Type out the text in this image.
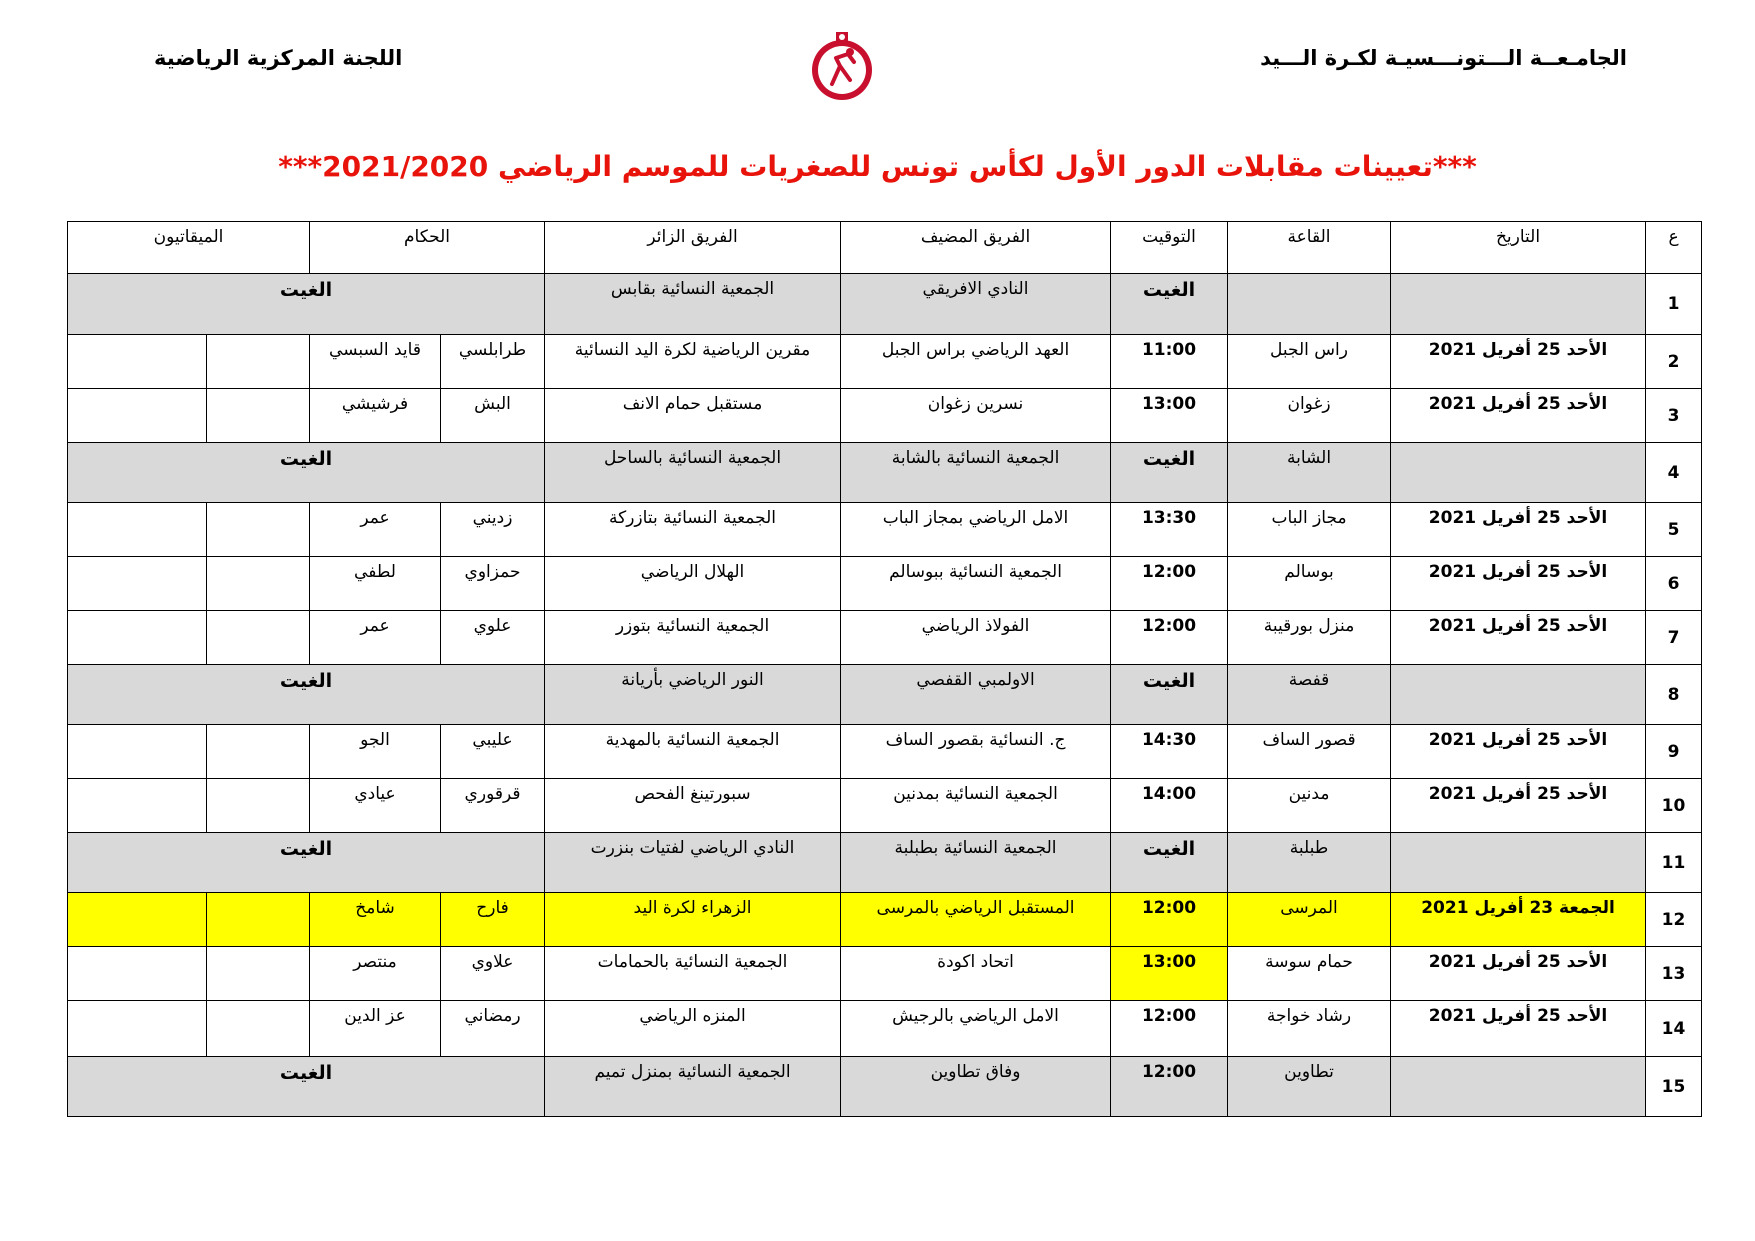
الجامـعــة الـــتونـــسيـة لكـرة الـــيد
اللجنة المركزية الرياضية
***تعيينات مقابلات الدور الأول لكأس تونس للصغريات للموسم الرياضي 2021/2020***
ع	التاريخ	القاعة	التوقيت	الفريق المضيف	الفريق الزائر	الحكام		الميقاتيون	
1			الغيت	النادي الافريقي	الجمعية النسائية بقابس	الغيت			
2	الأحد 25 أفريل 2021	راس الجبل	11:00	العهد الرياضي براس الجبل	مقرين الرياضية لكرة اليد النسائية	طرابلسي	قايد السبسي		
3	الأحد 25 أفريل 2021	زغوان	13:00	نسرين زغوان	مستقبل حمام الانف	البش	فرشيشي		
4		الشابة	الغيت	الجمعية النسائية بالشابة	الجمعية النسائية بالساحل	الغيت			
5	الأحد 25 أفريل 2021	مجاز الباب	13:30	الامل الرياضي بمجاز الباب	الجمعية النسائية بتازركة	زديني	عمر		
6	الأحد 25 أفريل 2021	بوسالم	12:00	الجمعية النسائية ببوسالم	الهلال الرياضي	حمزاوي	لطفي		
7	الأحد 25 أفريل 2021	منزل بورقيبة	12:00	الفولاذ الرياضي	الجمعية النسائية بتوزر	علوي	عمر		
8		قفصة	الغيت	الاولمبي القفصي	النور الرياضي بأريانة	الغيت			
9	الأحد 25 أفريل 2021	قصور الساف	14:30	ج. النسائية بقصور الساف	الجمعية النسائية بالمهدية	عليبي	الجو		
10	الأحد 25 أفريل 2021	مدنين	14:00	الجمعية النسائية بمدنين	سبورتينغ الفحص	قرقوري	عيادي		
11		طبلبة	الغيت	الجمعية النسائية بطبلبة	النادي الرياضي لفتيات بنزرت	الغيت			
12	الجمعة 23 أفريل 2021	المرسى	12:00	المستقبل الرياضي بالمرسى	الزهراء لكرة اليد	فارح	شامخ		
13	الأحد 25 أفريل 2021	حمام سوسة	13:00	اتحاد اكودة	الجمعية النسائية بالحمامات	علاوي	منتصر		
14	الأحد 25 أفريل 2021	رشاد خواجة	12:00	الامل الرياضي بالرجيش	المنزه الرياضي	رمضاني	عز الدين		
15		تطاوين	12:00	وفاق تطاوين	الجمعية النسائية بمنزل تميم	الغيت			
